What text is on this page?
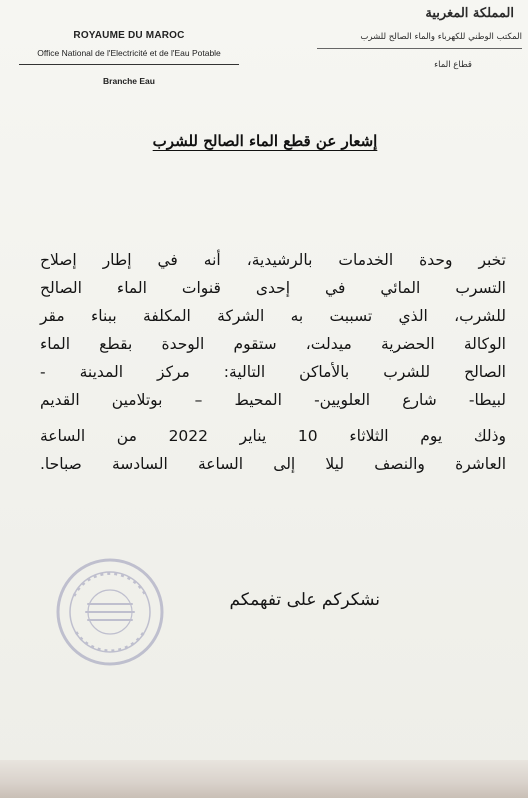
ROYAUME DU MAROC
Office National de l'Electricité et de l'Eau Potable
Branche Eau
المملكة المغربية
المكتب الوطني للكهرباء والماء الصالح للشرب
قطاع الماء
إشعار عن قطع الماء الصالح للشرب
تخبر وحدة الخدمات بالرشيدية، أنه في إطار إصلاح
التسرب المائي في إحدى قنوات الماء الصالح
للشرب، الذي تسببت به الشركة المكلفة ببناء مقر
الوكالة الحضرية ميدلت، ستقوم الوحدة بقطع الماء
الصالح للشرب بالأماكن التالية: مركز المدينة -
لبيطا- شارع العلويين- المحيط – بوتلامين القديم
وذلك يوم الثلاثاء 10 يناير 2022 من الساعة
العاشرة والنصف ليلا إلى الساعة السادسة صباحا.
نشكركم على تفهمكم
